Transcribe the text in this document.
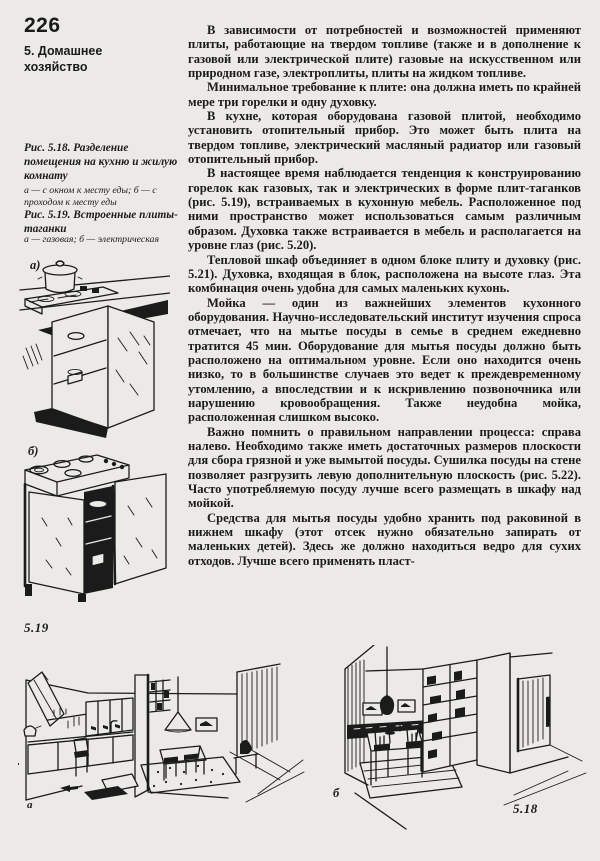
226
5. Домашнее хозяйство
Рис. 5.18. Разделение помещения на кухню и жилую комнату
а — с окном к месту еды; б — с проходом к месту еды
Рис. 5.19. Встроенные плиты-таганки
а — газовая; б — электрическая
а)
б)
5.19

В зависимости от потребностей и возможностей применяют плиты, работающие на твердом топливе (также и в дополнение к газовой или электрической плите) газовые на искусственном или природном газе, электроплиты, плиты на жидком топливе.

Минимальное требование к плите: она должна иметь по крайней мере три горелки и одну духовку.

В кухне, которая оборудована газовой плитой, необходимо установить отопительный прибор. Это может быть плита на твердом топливе, электрический масляный радиатор или газовый отопительный прибор.

В настоящее время наблюдается тенденция к конструированию горелок как газовых, так и электрических в форме плит-таганков (рис. 5.19), встраиваемых в кухонную мебель. Расположенное под ними пространство может использоваться самым различным образом. Духовка также встраивается в мебель и располагается на уровне глаз (рис. 5.20).

Тепловой шкаф объединяет в одном блоке плиту и духовку (рис. 5.21). Духовка, входящая в блок, расположена на высоте глаз. Эта комбинация очень удобна для самых маленьких кухонь.

Мойка — один из важнейших элементов кухонного оборудования. Научно-исследовательский институт изучения спроса отмечает, что на мытье посуды в семье в среднем ежедневно тратится 45 мин. Оборудование для мытья посуды должно быть расположено на оптимальном уровне. Если оно находится очень низко, то в большинстве случаев это ведет к преждевременному утомлению, а впоследствии и к искривлению позвоночника или нарушению кровообращения. Также неудобна мойка, расположенная слишком высоко.

Важно помнить о правильном направлении процесса: справа налево. Необходимо также иметь достаточных размеров плоскости для сбора грязной и уже вымытой посуды. Сушилка посуды на стене позволяет разгрузить левую дополнительную плоскость (рис. 5.22). Часто употребляемую посуду лучше всего размещать в шкафу над мойкой.

Средства для мытья посуды удобно хранить под раковиной в нижнем шкафу (этот отсек нужно обязательно запирать от маленьких детей). Здесь же должно находиться ведро для сухих отходов. Лучше всего применять пласт-

а
б
5.18
